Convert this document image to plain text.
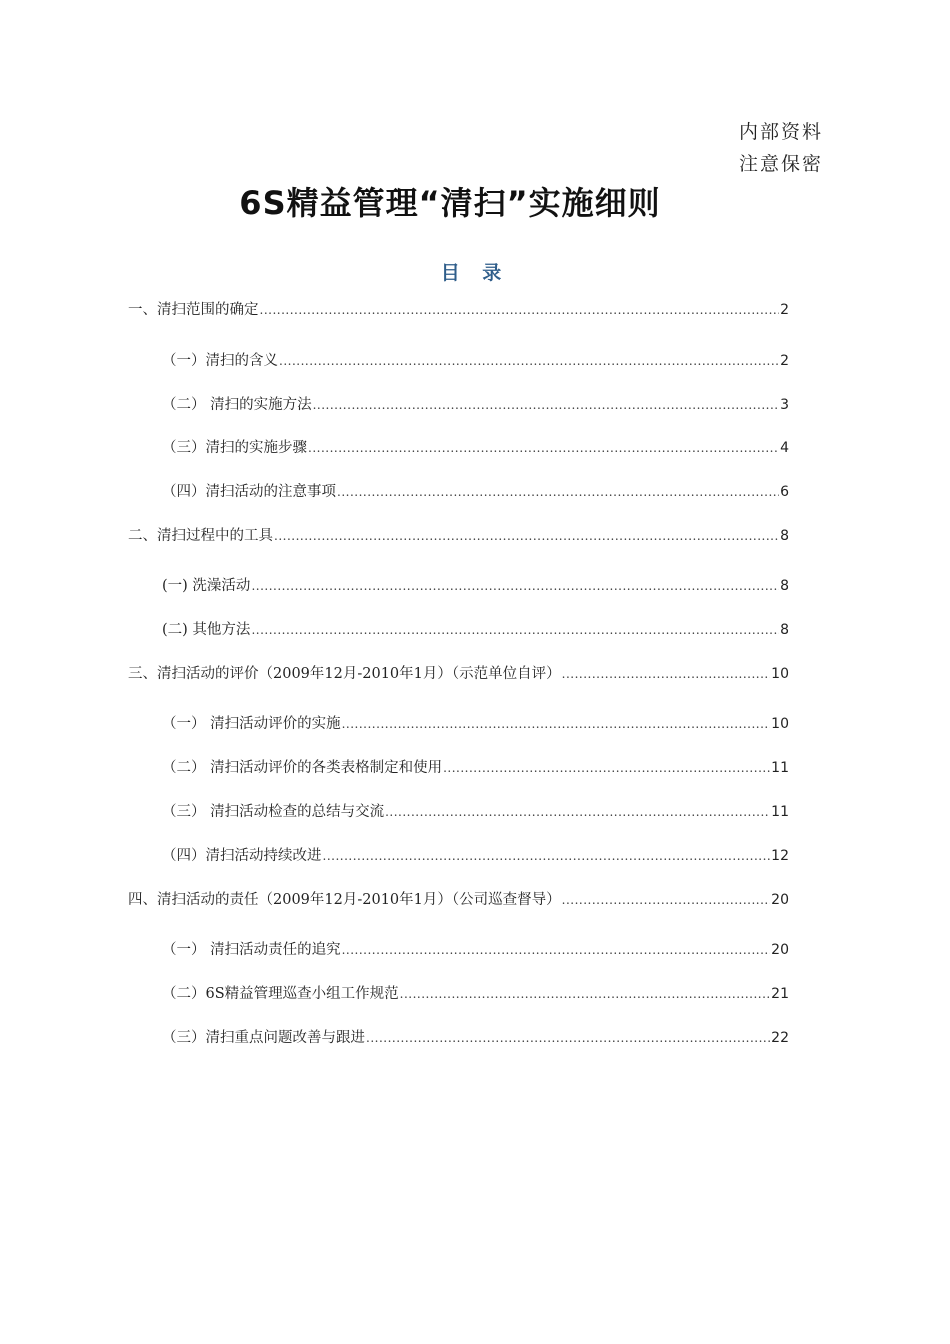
内部资料
注意保密
6S精益管理“清扫”实施细则
目 录
一、清扫范围的确定 .....	2
（一）清扫的含义 .....	2
（二） 清扫的实施方法 .....	3
（三）清扫的实施步骤 .....	4
（四）清扫活动的注意事项 .....	6
二、清扫过程中的工具 .....	8
(一) 洗澡活动 .....	8
(二) 其他方法 .....	8
三、清扫活动的评价（2009年12月-2010年1月）（示范单位自评） .....	10
（一） 清扫活动评价的实施 .....	10
（二） 清扫活动评价的各类表格制定和使用 .....	11
（三） 清扫活动检查的总结与交流 .....	11
（四）清扫活动持续改进 .....	12
四、清扫活动的责任（2009年12月-2010年1月）（公司巡查督导） .....	20
（一） 清扫活动责任的追究 .....	20
（二）6S精益管理巡查小组工作规范 .....	21
（三）清扫重点问题改善与跟进 .....	22
